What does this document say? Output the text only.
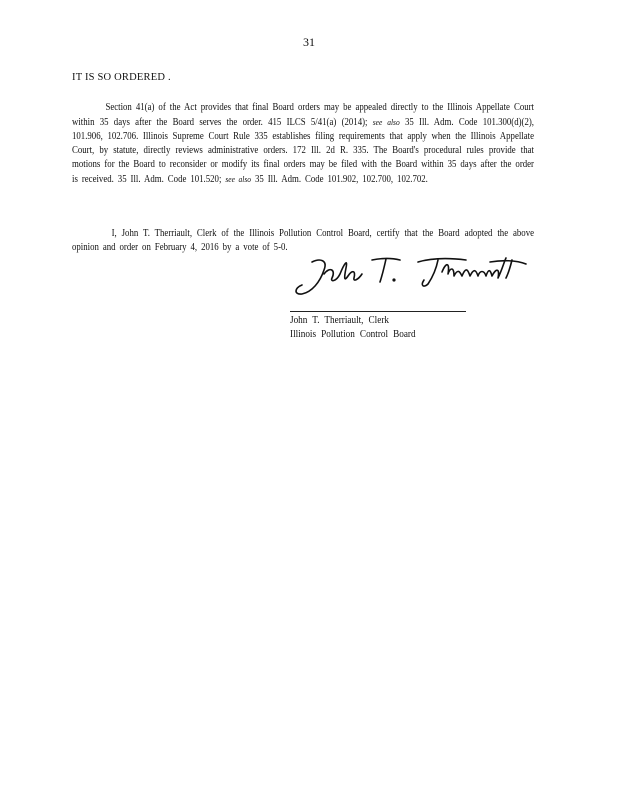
31
IT IS SO ORDERED .

Section 41(a) of the Act provides that final Board orders may be appealed directly to the Illinois Appellate Court within 35 days after the Board serves the order. 415 ILCS 5/41(a) (2014); see also 35 Ill. Adm. Code 101.300(d)(2), 101.906, 102.706. Illinois Supreme Court Rule 335 establishes filing requirements that apply when the Illinois Appellate Court, by statute, directly reviews administrative orders. 172 Ill. 2d R. 335. The Board's procedural rules provide that motions for the Board to reconsider or modify its final orders may be filed with the Board within 35 days after the order is received. 35 Ill. Adm. Code 101.520; see also 35 Ill. Adm. Code 101.902, 102.700, 102.702.

I, John T. Therriault, Clerk of the Illinois Pollution Control Board, certify that the Board adopted the above opinion and order on February 4, 2016 by a vote of 5-0.

John T. Therriault, Clerk
Illinois Pollution Control Board
